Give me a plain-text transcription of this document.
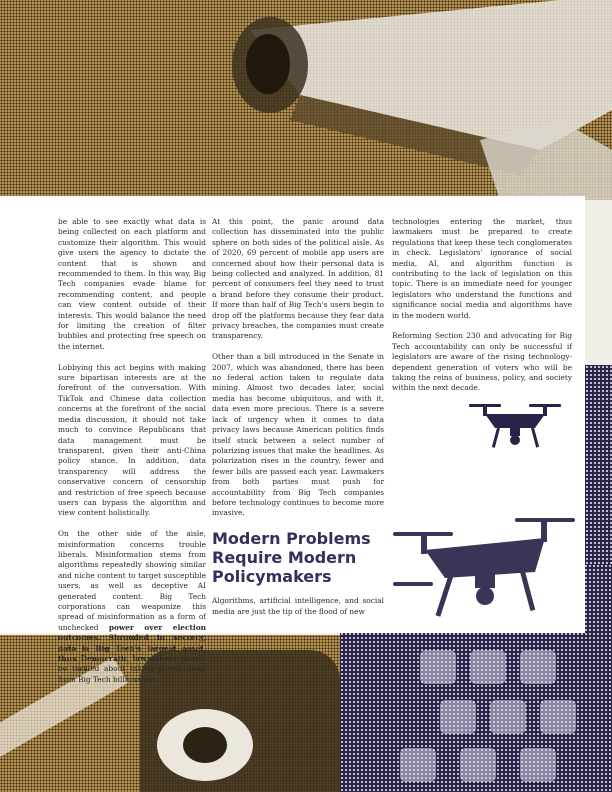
be able to see exactly what data is being collected on each platform and customize their algorithm. This would give users the agency to dictate the content that is shown and recommended to them. In this way, Big Tech companies evade blame for recommending content, and people can view content outside of their interests. This would balance the need for limiting the creation of filter bubbles and protecting free speech on the internet.

Lobbying this act begins with making sure bipartisan interests are at the forefront of the conversation. With TikTok and Chinese data collection concerns at the forefront of the social media discussion, it should not take much to convince Republicans that data management must be transparent, given their anti-China policy stance. In addition, data transparency will address the conservative concern of censorship and restriction of free speech because users can bypass the algorithm and view content holistically.

On the other side of the aisle, misinformation concerns trouble liberals. Misinformation stems from algorithms repeatedly showing similar and niche content to target susceptible users, as well as deceptive AI generated content. Big Tech corporations can weaponize this spread of misinformation as a form of unchecked power over election outcomes. Shrouded in secrecy, data is Big Tech's largest asset, thus Democratic lawmakers should be thrilled about taking power away from Big Tech billionaires.

At this point, the panic around data collection has disseminated into the public sphere on both sides of the political aisle. As of 2020, 69 percent of mobile app users are concerned about how their personal data is being collected and analyzed. In addition, 81 percent of consumers feel they need to trust a brand before they consume their product. If more than half of Big Tech's users begin to drop off the platforms because they fear data privacy breaches, the companies must create transparency.

Other than a bill introduced in the Senate in 2007, which was abandoned, there has been no federal action taken to regulate data mining. Almost two decades later, social media has become ubiquitous, and with it, data even more precious. There is a severe lack of urgency when it comes to data privacy laws because American politics finds itself stuck between a select number of polarizing issues that make the headlines. As polarization rises in the country, fewer and fewer bills are passed each year. Lawmakers from both parties must push for accountability from Big Tech companies before technology continues to become more invasive.

Modern Problems Require Modern Policymakers

Algorithms, artificial intelligence, and social media are just the tip of the flood of new

technologies entering the market, thus lawmakers must be prepared to create regulations that keep these tech conglomerates in check. Legislators' ignorance of social media, AI, and algorithm function is contributing to the lack of legislation on this topic. There is an immediate need for younger legislators who understand the functions and significance social media and algorithms have in the modern world.

Reforming Section 230 and advocating for Big Tech accountability can only be successful if legislators are aware of the rising technology-dependent generation of voters who will be taking the reins of business, policy, and society within the next decade.
